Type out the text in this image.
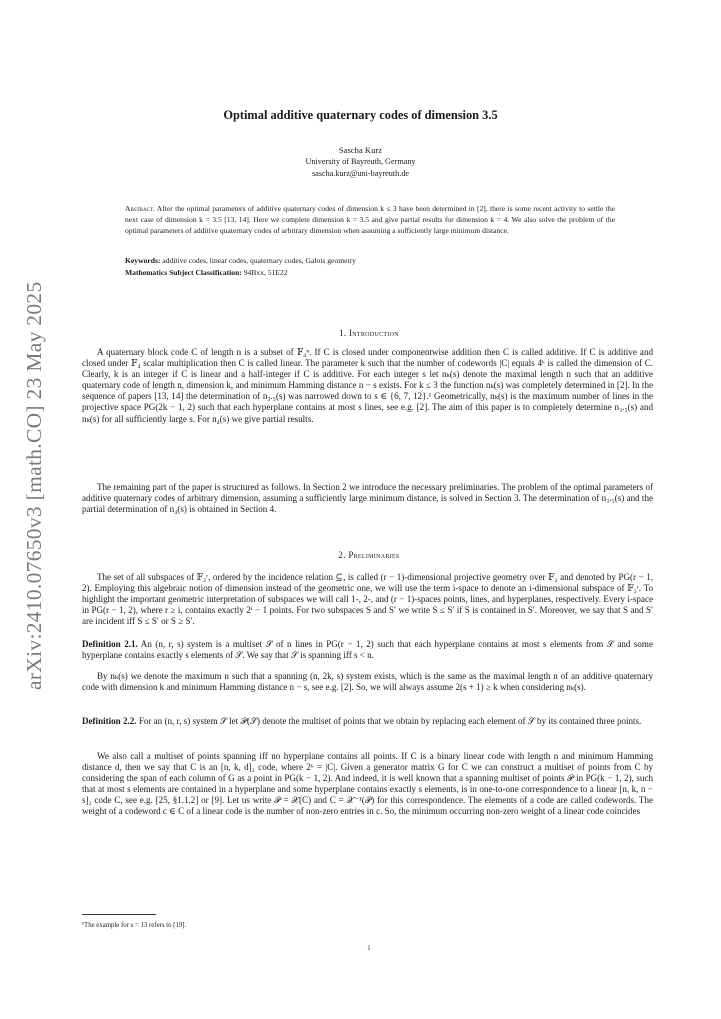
arXiv:2410.07650v3 [math.CO] 23 May 2025
Optimal additive quaternary codes of dimension 3.5
Sascha Kurz
University of Bayreuth, Germany
sascha.kurz@uni-bayreuth.de
Abstract. After the optimal parameters of additive quaternary codes of dimension k ≤ 3 have been determined in [2], there is some recent activity to settle the next case of dimension k = 3.5 [13, 14]. Here we complete dimension k = 3.5 and give partial results for dimension k = 4. We also solve the problem of the optimal parameters of additive quaternary codes of arbitrary dimension when assuming a sufficiently large minimum distance.
Keywords: additive codes, linear codes, quaternary codes, Galois geometry
Mathematics Subject Classification: 94Bxx, 51E22
1. Introduction
A quaternary block code C of length n is a subset of 𝔽₄ⁿ. If C is closed under componentwise addition then C is called additive. If C is additive and closed under 𝔽₄ scalar multiplication then C is called linear. The parameter k such that the number of codewords |C| equals 4ᵏ is called the dimension of C. Clearly, k is an integer if C is linear and a half-integer if C is additive. For each integer s let nₖ(s) denote the maximal length n such that an additive quaternary code of length n, dimension k, and minimum Hamming distance n − s exists. For k ≤ 3 the function nₖ(s) was completely determined in [2]. In the sequence of papers [13, 14] the determination of n₃.₅(s) was narrowed down to s ∈ {6, 7, 12}.¹ Geometrically, nₖ(s) is the maximum number of lines in the projective space PG(2k − 1, 2) such that each hyperplane contains at most s lines, see e.g. [2]. The aim of this paper is to completely determine n₃.₅(s) and nₖ(s) for all sufficiently large s. For n₄(s) we give partial results.
The remaining part of the paper is structured as follows. In Section 2 we introduce the necessary preliminaries. The problem of the optimal parameters of additive quaternary codes of arbitrary dimension, assuming a sufficiently large minimum distance, is solved in Section 3. The determination of n₃.₅(s) and the partial determination of n₄(s) is obtained in Section 4.
2. Preliminaries
The set of all subspaces of 𝔽₂ʳ, ordered by the incidence relation ⊆, is called (r − 1)-dimensional projective geometry over 𝔽₂ and denoted by PG(r − 1, 2). Employing this algebraic notion of dimension instead of the geometric one, we will use the term i-space to denote an i-dimensional subspace of 𝔽₂ʳ. To highlight the important geometric interpretation of subspaces we will call 1-, 2-, and (r − 1)-spaces points, lines, and hyperplanes, respectively. Every i-space in PG(r − 1, 2), where r ≥ i, contains exactly 2ⁱ − 1 points. For two subspaces S and S′ we write S ≤ S′ if S is contained in S′. Moreover, we say that S and S′ are incident iff S ≤ S′ or S ≥ S′.
Definition 2.1. An (n, r, s) system is a multiset 𝒮 of n lines in PG(r − 1, 2) such that each hyperplane contains at most s elements from 𝒮 and some hyperplane contains exactly s elements of 𝒮. We say that 𝒮 is spanning iff s < n.
By nₖ(s) we denote the maximum n such that a spanning (n, 2k, s) system exists, which is the same as the maximal length n of an additive quaternary code with dimension k and minimum Hamming distance n − s, see e.g. [2]. So, we will always assume 2(s + 1) ≥ k when considering nₖ(s).
Definition 2.2. For an (n, r, s) system 𝒮 let 𝒫(𝒮) denote the multiset of points that we obtain by replacing each element of 𝒮 by its contained three points.
We also call a multiset of points spanning iff no hyperplane contains all points. If C is a binary linear code with length n and minimum Hamming distance d, then we say that C is an [n, k, d]₂ code, where 2ᵏ = |C|. Given a generator matrix G for C we can construct a multiset of points from C by considering the span of each column of G as a point in PG(k − 1, 2). And indeed, it is well known that a spanning multiset of points 𝒫 in PG(k − 1, 2), such that at most s elements are contained in a hyperplane and some hyperplane contains exactly s elements, is in one-to-one correspondence to a linear [n, k, n − s]₂ code C, see e.g. [25, §1.1.2] or [9]. Let us write 𝒫 = 𝒳(C) and C = 𝒳⁻¹(𝒫) for this correspondence. The elements of a code are called codewords. The weight of a codeword c ∈ C of a linear code is the number of non-zero entries in c. So, the minimum occurring non-zero weight of a linear code coincides
¹The example for s = 13 refers to [19].
1
